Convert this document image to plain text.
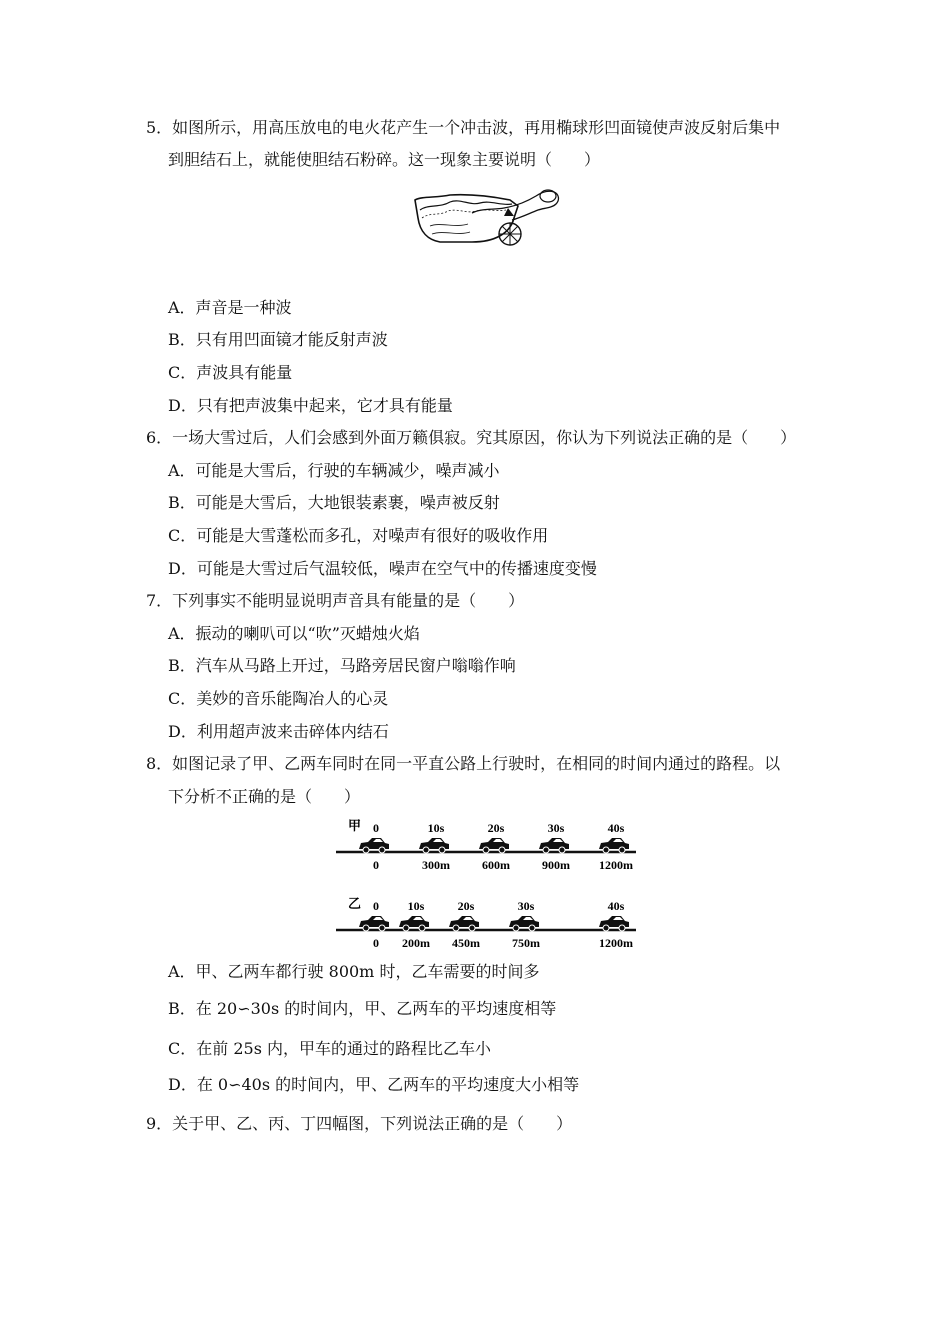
5．如图所示，用高压放电的电火花产生一个冲击波，再用椭球形凹面镜使声波反射后集中
到胆结石上，就能使胆结石粉碎。这一现象主要说明（　　）
A．声音是一种波
B．只有用凹面镜才能反射声波
C．声波具有能量
D．只有把声波集中起来，它才具有能量
6．一场大雪过后，人们会感到外面万籁俱寂。究其原因，你认为下列说法正确的是（　　）
A．可能是大雪后，行驶的车辆减少，噪声减小
B．可能是大雪后，大地银装素裹，噪声被反射
C．可能是大雪蓬松而多孔，对噪声有很好的吸收作用
D．可能是大雪过后气温较低，噪声在空气中的传播速度变慢
7．下列事实不能明显说明声音具有能量的是（　　）
A．振动的喇叭可以“吹”灭蜡烛火焰
B．汽车从马路上开过，马路旁居民窗户嗡嗡作响
C．美妙的音乐能陶冶人的心灵
D．利用超声波来击碎体内结石
8．如图记录了甲、乙两车同时在同一平直公路上行驶时，在相同的时间内通过的路程。以
下分析不正确的是（　　）
甲 0
0
10s
300m
20s
600m
30s
900m
40s
1200m
乙 0
0
10s
200m
20s
450m
30s
750m
40s
1200m
A．甲、乙两车都行驶 800m 时，乙车需要的时间多
B．在 20∽30s 的时间内，甲、乙两车的平均速度相等
C．在前 25s 内，甲车的通过的路程比乙车小
D．在 0∽40s 的时间内，甲、乙两车的平均速度大小相等
9．关于甲、乙、丙、丁四幅图，下列说法正确的是（　　）
